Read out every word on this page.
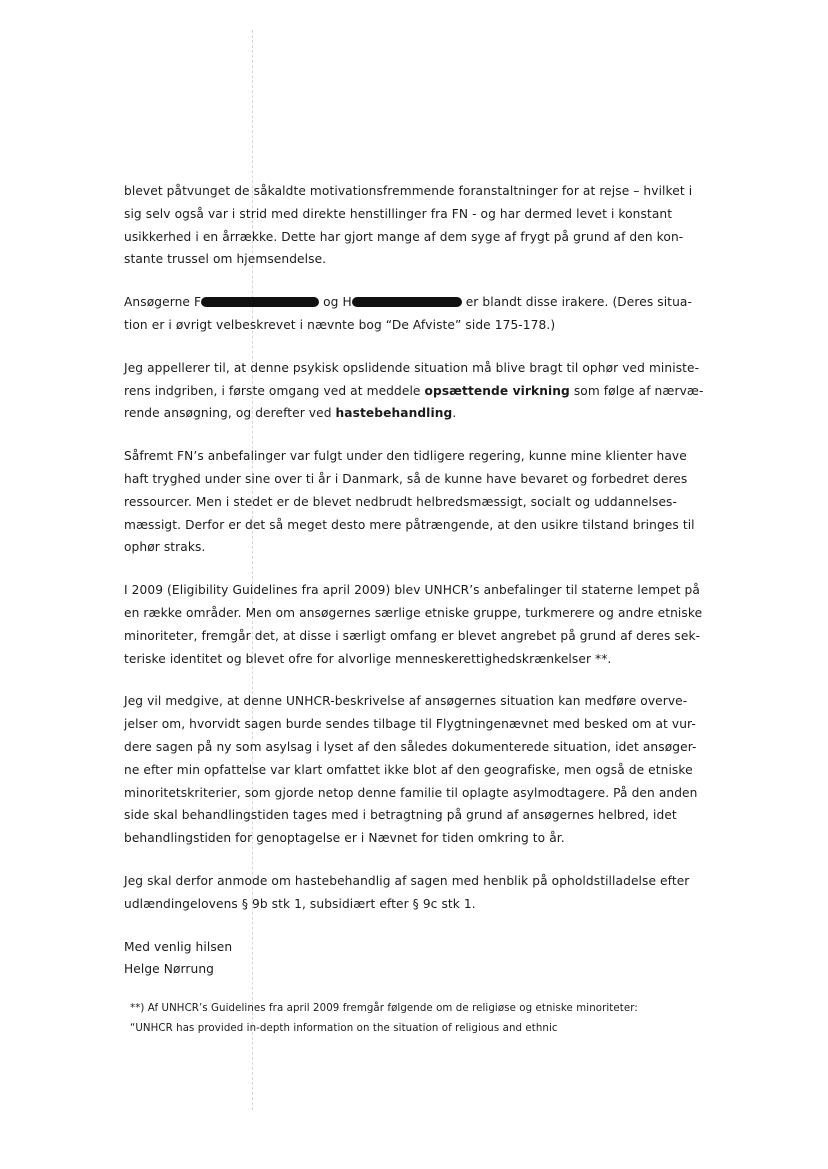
blevet påtvunget de såkaldte motivationsfremmende foranstaltninger for at rejse – hvilket i
sig selv også var i strid med direkte henstillinger fra FN - og har dermed levet i konstant
usikkerhed i en årrække. Dette har gjort mange af dem syge af frygt på grund af den kon-
stante trussel om hjemsendelse.

Ansøgerne F	og H	er blandt disse irakere. (Deres situa-
tion er i øvrigt velbeskrevet i nævnte bog “De Afviste” side 175-178.)

Jeg appellerer til, at denne psykisk opslidende situation må blive bragt til ophør ved ministe-
rens indgriben, i første omgang ved at meddele opsættende virkning som følge af nærvæ-
rende ansøgning, og derefter ved hastebehandling.

Såfremt FN’s anbefalinger var fulgt under den tidligere regering, kunne mine klienter have
haft tryghed under sine over ti år i Danmark, så de kunne have bevaret og forbedret deres
ressourcer. Men i stedet er de blevet nedbrudt helbredsmæssigt, socialt og uddannelses-
mæssigt. Derfor er det så meget desto mere påtrængende, at den usikre tilstand bringes til
ophør straks.

I 2009 (Eligibility Guidelines fra april 2009) blev UNHCR’s anbefalinger til staterne lempet på
en række områder. Men om ansøgernes særlige etniske gruppe, turkmerere og andre etniske
minoriteter, fremgår det, at disse i særligt omfang er blevet angrebet på grund af deres sek-
teriske identitet og blevet ofre for alvorlige menneskerettighedskrænkelser **.

Jeg vil medgive, at denne UNHCR-beskrivelse af ansøgernes situation kan medføre overve-
jelser om, hvorvidt sagen burde sendes tilbage til Flygtningenævnet med besked om at vur-
dere sagen på ny som asylsag i lyset af den således dokumenterede situation, idet ansøger-
ne efter min opfattelse var klart omfattet ikke blot af den geografiske, men også de etniske
minoritetskriterier, som gjorde netop denne familie til oplagte asylmodtagere. På den anden
side skal behandlingstiden tages med i betragtning på grund af ansøgernes helbred, idet
behandlingstiden for genoptagelse er i Nævnet for tiden omkring to år.

Jeg skal derfor anmode om hastebehandlig af sagen med henblik på opholdstilladelse efter
udlændingelovens § 9b stk 1, subsidiært efter § 9c stk 1.

Med venlig hilsen
Helge Nørrung

**) Af UNHCR’s Guidelines fra april 2009 fremgår følgende om de religiøse og etniske minoriteter:
“UNHCR has provided in-depth information on the situation of religious and ethnic
